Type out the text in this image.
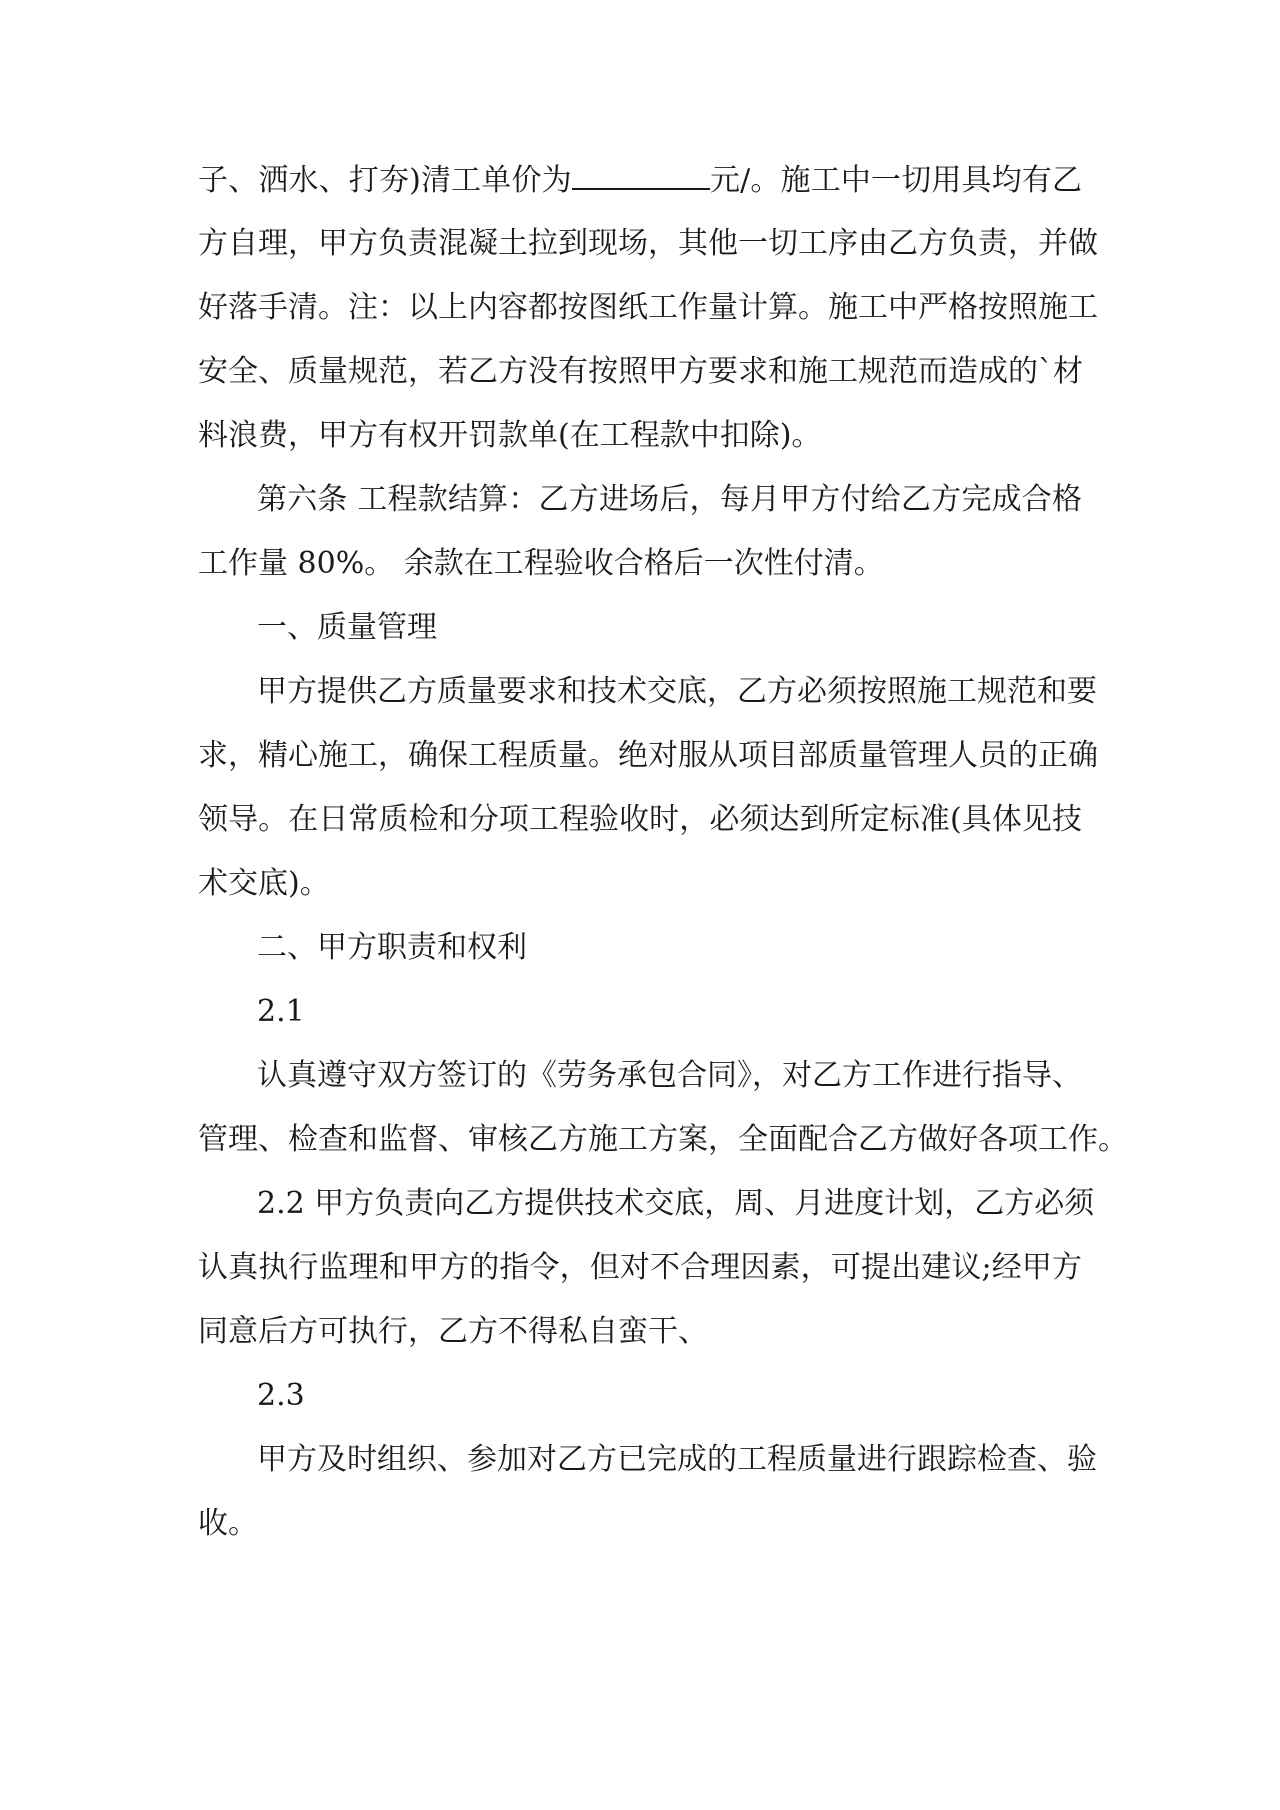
子、洒水、打夯)清工单价为	元/。施工中一切用具均有乙
方自理，甲方负责混凝土拉到现场，其他一切工序由乙方负责，并做
好落手清。注：以上内容都按图纸工作量计算。施工中严格按照施工
安全、质量规范，若乙方没有按照甲方要求和施工规范而造成的`材
料浪费，甲方有权开罚款单(在工程款中扣除)。
第六条 工程款结算：乙方进场后，每月甲方付给乙方完成合格
工作量 80%。 余款在工程验收合格后一次性付清。
一、质量管理
甲方提供乙方质量要求和技术交底，乙方必须按照施工规范和要
求，精心施工，确保工程质量。绝对服从项目部质量管理人员的正确
领导。在日常质检和分项工程验收时，必须达到所定标准(具体见技
术交底)。
二、甲方职责和权利
2.1
认真遵守双方签订的《劳务承包合同》，对乙方工作进行指导、
管理、检查和监督、审核乙方施工方案，全面配合乙方做好各项工作。
2.2 甲方负责向乙方提供技术交底，周、月进度计划，乙方必须
认真执行监理和甲方的指令，但对不合理因素，可提出建议;经甲方
同意后方可执行，乙方不得私自蛮干、
2.3
甲方及时组织、参加对乙方已完成的工程质量进行跟踪检查、验
收。
